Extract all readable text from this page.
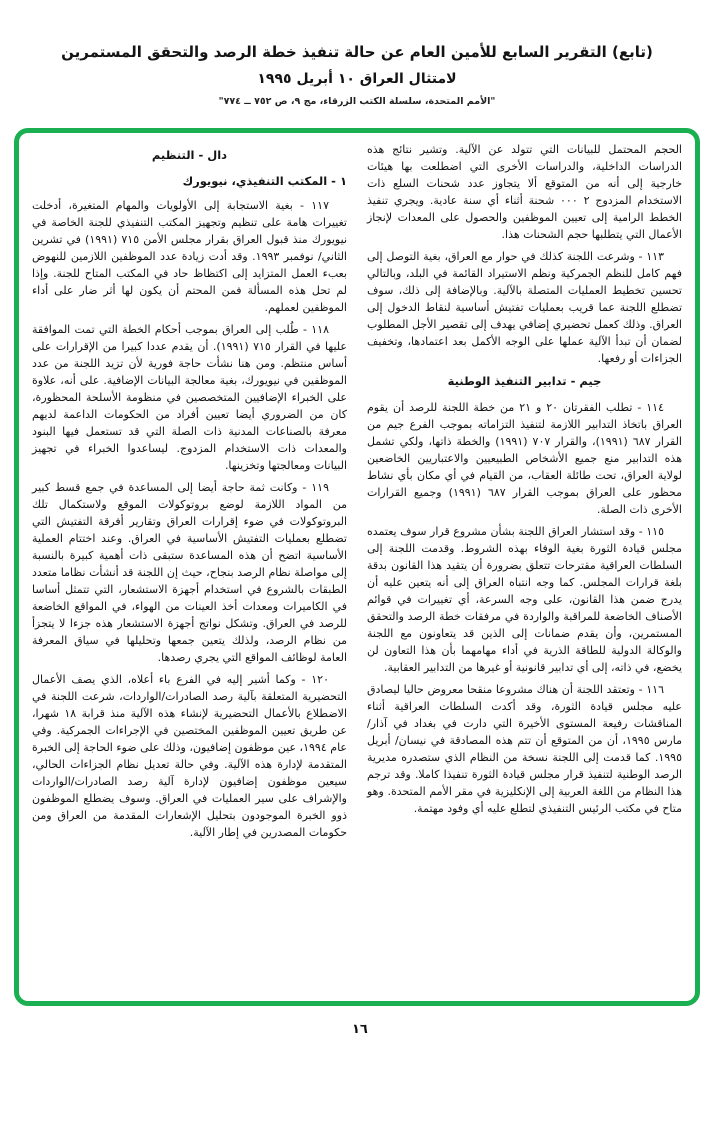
(تابع) التقرير السابع للأمين العام عن حالة تنفيذ خطة الرصد والتحقق المستمرين
لامتثال العراق ١٠ أبريل ١٩٩٥
"الأمم المتحدة، سلسلة الكتب الزرقاء، مج ٩، ص ٧٥٢ ــ ٧٧٤"

الحجم المحتمل للبيانات التي تتولد عن الآلية. وتشير نتائج هذه الدراسات الداخلية، والدراسات الأخرى التي اضطلعت بها هيئات خارجية إلى أنه من المتوقع ألا يتجاوز عدد شحنات السلع ذات الاستخدام المزدوج ٢ ٠٠٠ شحنة أثناء أي سنة عادية. ويجري تنفيذ الخطط الرامية إلى تعيين الموظفين والحصول على المعدات لإنجاز الأعمال التي يتطلبها حجم الشحنات هذا.

١١٣ - وشرعت اللجنة كذلك في حوار مع العراق، بغية التوصل إلى فهم كامل للنظم الجمركية ونظم الاستيراد القائمة في البلد، وبالتالي تحسين تخطيط العمليات المتصلة بالآلية. وبالإضافة إلى ذلك، سوف تضطلع اللجنة عما قريب بعمليات تفتيش أساسية لنقاط الدخول إلى العراق. وذلك كعمل تحضيري إضافي يهدف إلى تقصير الأجل المطلوب لضمان أن تبدأ الآلية عملها على الوجه الأكمل بعد اعتمادها، وتخفيف الجزاءات أو رفعها.

جيم - تدابير التنفيذ الوطنية

١١٤ - تطلب الفقرتان ٢٠ و ٢١ من خطة اللجنة للرصد أن يقوم العراق باتخاذ التدابير اللازمة لتنفيذ التزاماته بموجب الفرع جيم من القرار ٦٨٧ (١٩٩١)، والقرار ٧٠٧ (١٩٩١) والخطة ذاتها، ولكي تشمل هذه التدابير منع جميع الأشخاص الطبيعيين والاعتباريين الخاضعين لولاية العراق، تحت طائلة العقاب، من القيام في أي مكان بأي نشاط محظور على العراق بموجب القرار ٦٨٧ (١٩٩١) وجميع القرارات الأخرى ذات الصلة.

١١٥ - وقد استشار العراق اللجنة بشأن مشروع قرار سوف يعتمده مجلس قيادة الثورة بغية الوفاء بهذه الشروط. وقدمت اللجنة إلى السلطات العراقية مقترحات تتعلق بضرورة أن يتقيد هذا القانون بدقة بلغة قرارات المجلس. كما وجه انتباه العراق إلى أنه يتعين عليه أن يدرج ضمن هذا القانون، على وجه السرعة، أي تغييرات في قوائم الأصناف الخاضعة للمراقبة والواردة في مرفقات خطة الرصد والتحقق المستمرين، وأن يقدم ضمانات إلى الذين قد يتعاونون مع اللجنة والوكالة الدولية للطاقة الذرية في أداء مهامهما بأن هذا التعاون لن يخضع، في ذاته، إلى أي تدابير قانونية أو غيرها من التدابير العقابية.

١١٦ - وتعتقد اللجنة أن هناك مشروعا منقحا معروض حاليا ليصادق عليه مجلس قيادة الثورة، وقد أكدت السلطات العراقية أثناء المناقشات رفيعة المستوى الأخيرة التي دارت في بغداد في آذار/ مارس ١٩٩٥، أن من المتوقع أن تتم هذه المصادقة في نيسان/ أبريل ١٩٩٥. كما قدمت إلى اللجنة نسخة من النظام الذي ستصدره مديرية الرصد الوطنية لتنفيذ قرار مجلس قيادة الثورة تنفيذا كاملا. وقد ترجم هذا النظام من اللغة العربية إلى الإنكليزية في مقر الأمم المتحدة. وهو متاح في مكتب الرئيس التنفيذي لتطلع عليه أي وفود مهتمة.

دال - التنظيم
١ - المكتب التنفيذي، نيويورك

١١٧ - بغية الاستجابة إلى الأولويات والمهام المتغيرة، أدخلت تغييرات هامة على تنظيم وتجهيز المكتب التنفيذي للجنة الخاصة في نيويورك منذ قبول العراق بقرار مجلس الأمن ٧١٥ (١٩٩١) في تشرين الثاني/ نوفمبر ١٩٩٣. وقد أدت زيادة عدد الموظفين اللازمين للنهوض بعبء العمل المتزايد إلى اكتظاظ حاد في المكتب المتاح للجنة. وإذا لم تحل هذه المسألة فمن المحتم أن يكون لها أثر ضار على أداء الموظفين لعملهم.

١١٨ - طُلب إلى العراق بموجب أحكام الخطة التي تمت الموافقة عليها في القرار ٧١٥ (١٩٩١). أن يقدم عددا كبيرا من الإقرارات على أساس منتظم. ومن هنا نشأت حاجة فورية لأن تزيد اللجنة من عدد الموظفين في نيويورك، بغية معالجة البيانات الإضافية. على أنه، علاوة على الخبراء الإضافيين المتخصصين في منظومة الأسلحة المحظورة، كان من الضروري أيضا تعيين أفراد من الحكومات الداعمة لديهم معرفة بالصناعات المدنية ذات الصلة التي قد تستعمل فيها البنود والمعدات ذات الاستخدام المزدوج. ليساعدوا الخبراء في تجهيز البيانات ومعالجتها وتخزينها.

١١٩ - وكانت ثمة حاجة أيضا إلى المساعدة في جمع قسط كبير من المواد اللازمة لوضع بروتوكولات الموقع ولاستكمال تلك البروتوكولات في ضوء إقرارات العراق وتقارير أفرقة التفتيش التي تضطلع بعمليات التفتيش الأساسية في العراق. وعند اختتام العملية الأساسية اتضح أن هذه المساعدة ستبقى ذات أهمية كبيرة بالنسبة إلى مواصلة نظام الرصد بنجاح، حيث إن اللجنة قد أنشأت نظاما متعدد الطبقات بالشروع في استخدام أجهزة الاستشعار، التي تتمثل أساسا في الكاميرات ومعدات أخذ العينات من الهواء، في المواقع الخاضعة للرصد في العراق. وتشكل نواتج أجهزة الاستشعار هذه جزءا لا يتجزأ من نظام الرصد، ولذلك يتعين جمعها وتحليلها في سياق المعرفة العامة لوظائف المواقع التي يجري رصدها.

١٢٠ - وكما أشير إليه في الفرع باء أعلاه، الذي يصف الأعمال التحضيرية المتعلقة بآلية رصد الصادرات/الواردات، شرعت اللجنة في الاضطلاع بالأعمال التحضيرية لإنشاء هذه الآلية منذ قرابة ١٨ شهرا، عن طريق تعيين الموظفين المختصين في الإجراءات الجمركية. وفي عام ١٩٩٤، عين موظفون إضافيون، وذلك على ضوء الحاجة إلى الخبرة المتقدمة لإدارة هذه الآلية. وفي حالة تعديل نظام الجزاءات الحالي، سيعين موظفون إضافيون لإدارة آلية رصد الصادرات/الواردات والإشراف على سير العمليات في العراق. وسوف يضطلع الموظفون ذوو الخبرة الموجودون بتحليل الإشعارات المقدمة من العراق ومن حكومات المصدرين في إطار الآلية.

١٦
